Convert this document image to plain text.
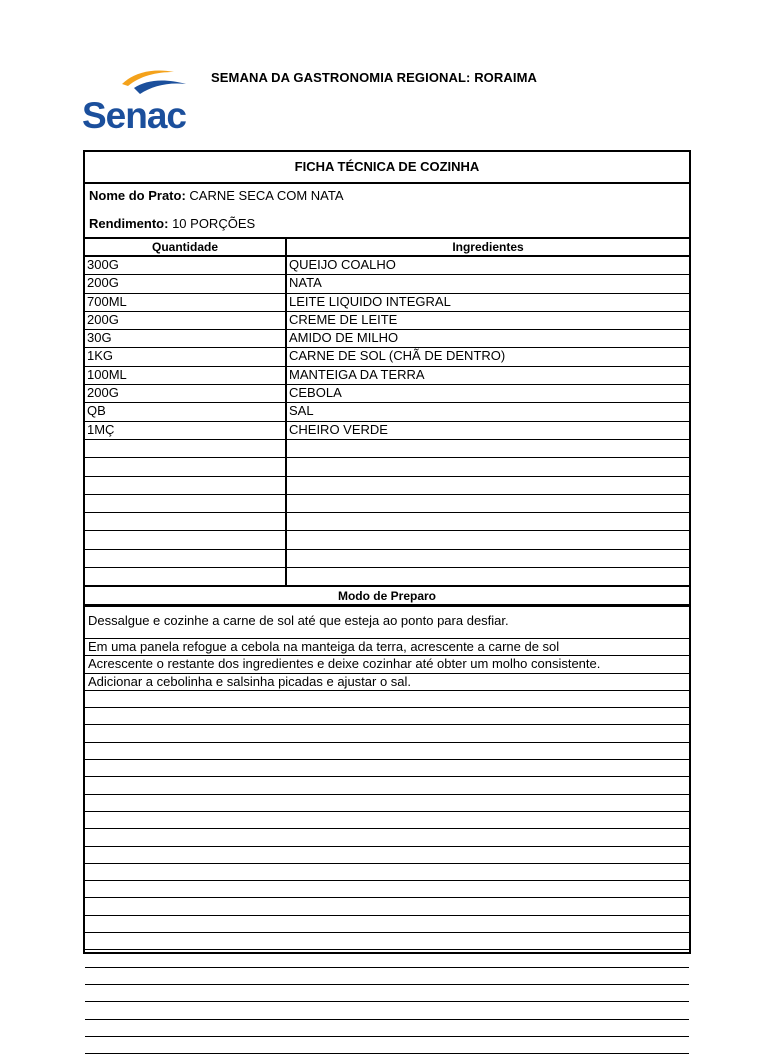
Senac
SEMANA DA GASTRONOMIA REGIONAL: RORAIMA
FICHA TÉCNICA DE COZINHA
Nome do Prato: CARNE SECA COM NATA
Rendimento: 10 PORÇÕES
Quantidade	Ingredientes
300G	QUEIJO COALHO
200G	NATA
700ML	LEITE LIQUIDO INTEGRAL
200G	CREME DE LEITE
30G	AMIDO DE MILHO
1KG	CARNE DE SOL (CHÃ DE DENTRO)
100ML	MANTEIGA DA TERRA
200G	CEBOLA
QB	SAL
1MÇ	CHEIRO VERDE
Modo de Preparo
Dessalgue e cozinhe a carne de sol até que esteja ao ponto para desfiar.
Em uma panela refogue a cebola na manteiga da terra, acrescente a carne de sol
Acrescente o restante dos ingredientes e deixe cozinhar até obter um molho consistente.
Adicionar a cebolinha e salsinha picadas e ajustar o sal.
